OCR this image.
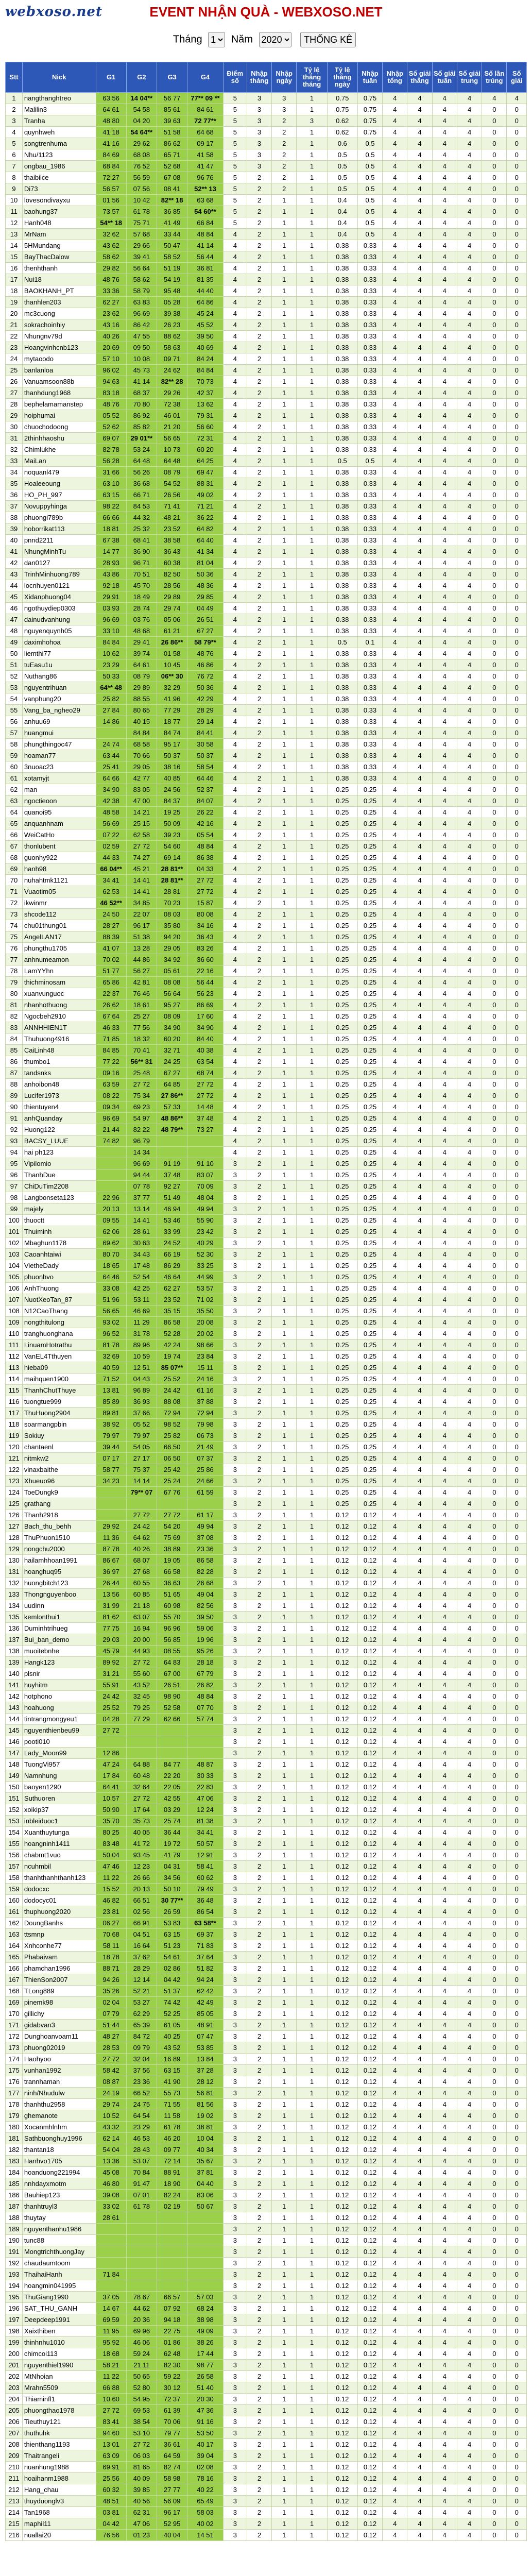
webxoso.net	EVENT NHẬN QUÀ - WEBXOSO.NET
Tháng
1	Năm
2020	THỐNG KÊ
Stt	Nick	G1	G2	G3	G4	Điểm số	Nhập tháng	Nhập ngày	Tỷ lệ thắng tháng	Tỷ lệ thắng ngày	Nhập tuần	Nhập tổng	Số giải thắng	Số giải tuần	Số giải trung	Số lần trúng	Số giải
1	nangthanghtreo	63 56	14 04**	56 77	77** 09 **	5	3	3	1	0.75	0.75	4	4	4	4	4	4
2	Malilin3	64 61	54 58	85 61	84 61	5	3	3	1	0.75	0.75	4	4	4	4	0	0
3	Tranha	48 80	04 20	39 63	72 77**	5	3	2	3	0.62	0.75	4	4	4	4	0	0
4	quynhweh	41 18	54 64**	51 58	64 68	5	3	2	1	0.62	0.75	4	4	4	4	0	0
5	songtrenhuma	41 16	29 62	86 62	09 17	5	3	2	1	0.6	0.5	4	4	4	4	0	0
6	Nhu/1123	84 69	68 08	65 71	41 58	5	3	2	1	0.5	0.5	4	4	4	4	0	0
7	ongbau_1986	68 84	76 52	52 68	41 47	5	3	2	1	0.5	0.5	4	4	4	4	0	0
8	thaibilce	72 27	56 59	67 08	96 76	5	2	2	1	0.5	0.5	4	4	4	4	0	0
9	Di73	56 57	07 56	08 41	52** 13	5	2	2	1	0.5	0.5	4	4	4	4	0	0
10	lovesondivayxu	01 56	10 42	82** 18	63 68	5	2	1	1	0.4	0.5	4	4	4	4	0	0
11	baohung37	73 57	61 78	36 85	54 60**	5	2	1	1	0.4	0.5	4	4	4	4	0	0
12	Hanh048	54** 18	75 71	41 49	66 84	5	2	1	1	0.4	0.5	4	4	4	4	0	0
13	MrNam	32 62	57 68	33 44	48 84	4	2	1	1	0.4	0.5	4	4	4	4	0	0
14	5HMundang	43 62	29 66	50 47	41 14	4	2	1	1	0.38	0.33	4	4	4	4	0	0
15	BayThacDalow	58 62	39 41	58 52	56 44	4	2	1	1	0.38	0.33	4	4	4	4	0	0
16	thenhthanh	29 82	56 64	51 19	36 81	4	2	1	1	0.38	0.33	4	4	4	4	0	0
17	Nui18	48 76	58 62	54 19	81 35	4	2	1	1	0.38	0.33	4	4	4	4	0	0
18	BAOKHANH_PT	33 36	58 79	95 48	44 40	4	2	1	1	0.38	0.33	4	4	4	4	0	0
19	thanhlen203	62 27	63 83	05 28	64 86	4	2	1	1	0.38	0.33	4	4	4	4	0	0
20	mc3cuong	23 62	96 69	39 38	45 24	4	2	1	1	0.38	0.33	4	4	4	4	0	0
21	sokrachoinhiy	43 16	86 42	26 23	45 52	4	2	1	1	0.38	0.33	4	4	4	4	0	0
22	Nhungnv79d	40 26	47 55	88 62	39 50	4	2	1	1	0.38	0.33	4	4	4	4	0	0
23	Hoangvinhcnb123	20 69	09 50	58 63	40 69	4	2	1	1	0.38	0.33	4	4	4	4	0	0
24	mytaoodo	57 10	10 08	09 71	84 24	4	2	1	1	0.38	0.33	4	4	4	4	0	0
25	banlanloa	96 02	45 73	24 62	84 84	4	2	1	1	0.38	0.33	4	4	4	4	0	0
26	Vanuamsoon88b	94 63	41 14	82** 28	70 73	4	2	1	1	0.38	0.33	4	4	4	4	0	0
27	thanhdung1968	83 18	68 37	29 26	42 37	4	2	1	1	0.38	0.33	4	4	4	4	0	0
28	bephelamamanstep	48 76	70 80	72 38	13 62	4	2	1	1	0.38	0.33	4	4	4	4	0	0
29	hoiphumai	05 52	86 92	46 01	79 31	4	2	1	1	0.38	0.33	4	4	4	4	0	0
30	chuochodoong	52 62	85 82	21 20	56 60	4	2	1	1	0.38	0.33	4	4	4	4	0	0
31	2thinhhaoshu	69 07	29 01**	56 65	72 31	4	2	1	1	0.38	0.33	4	4	4	4	0	0
32	Chimlukhe	82 78	53 24	10 73	60 20	4	2	1	1	0.38	0.33	4	4	4	4	0	0
33	MaiLan	56 28	64 48	64 48	64 25	4	2	1	1	0.5	0.5	4	4	4	4	0	0
34	noquanl479	31 66	56 26	08 79	69 47	4	2	1	1	0.38	0.33	4	4	4	4	0	0
35	Hoaleeoung	63 10	36 68	54 52	88 31	4	2	1	1	0.38	0.33	4	4	4	4	0	0
36	HO_PH_997	63 15	66 71	26 56	49 02	4	2	1	1	0.38	0.33	4	4	4	4	0	0
37	Novuppyhinga	98 22	84 53	71 41	71 21	4	2	1	1	0.38	0.33	4	4	4	4	0	0
38	phuongi789b	66 66	44 32	48 21	36 22	4	2	1	1	0.38	0.33	4	4	4	4	0	0
39	hoborrikat113	18 81	25 32	23 52	64 82	4	2	1	1	0.38	0.33	4	4	4	4	0	0
40	pnnd2211	67 38	68 41	38 58	64 40	4	2	1	1	0.38	0.33	4	4	4	4	0	0
41	NhungMinhTu	14 77	36 90	36 43	41 34	4	2	1	1	0.38	0.33	4	4	4	4	0	0
42	dan0127	28 93	96 71	60 38	81 04	4	2	1	1	0.38	0.33	4	4	4	4	0	0
43	TrinhMinhuong789	43 86	70 51	82 50	50 36	4	2	1	1	0.38	0.33	4	4	4	4	0	0
44	locnhuyen0121	92 18	45 70	28 56	48 36	4	2	1	1	0.38	0.33	4	4	4	4	0	0
45	Xidanphuong04	29 91	18 49	29 89	29 85	4	2	1	1	0.38	0.33	4	4	4	4	0	0
46	ngothuydiep0303	03 93	28 74	29 74	04 49	4	2	1	1	0.38	0.33	4	4	4	4	0	0
47	dainudvanhung	96 69	03 76	05 06	26 51	4	2	1	1	0.38	0.33	4	4	4	4	0	0
48	nguyenquynh05	33 10	48 68	61 21	67 27	4	2	1	1	0.38	0.33	4	4	4	4	0	0
49	daximhohoa	84 84	29 41	26 86**	58 79**	4	2	1	1	0.5	0.1	4	4	4	4	0	0
50	liemthi77	10 62	39 74	01 58	48 76	4	2	1	1	0.38	0.33	4	4	4	4	0	0
51	tuEasu1u	23 29	64 61	10 45	46 86	4	2	1	1	0.38	0.33	4	4	4	4	0	0
52	Nuthang86	50 33	08 79	06** 30	76 72	4	2	1	1	0.38	0.33	4	4	4	4	0	0
53	nguyentrihuan	64** 48	29 89	32 29	50 36	4	2	1	1	0.38	0.33	4	4	4	4	0	0
54	vanphung20	25 82	88 55	41 96	42 29	4	2	1	1	0.38	0.33	4	4	4	4	0	0
55	Vang_ba_ngheo29	27 84	80 65	77 29	28 29	4	2	1	1	0.38	0.33	4	4	4	4	0	0
56	anhuu69	14 86	40 15	18 77	29 14	4	2	1	1	0.38	0.33	4	4	4	4	0	0
57	huangmui		84 84	84 74	84 41	4	2	1	1	0.38	0.33	4	4	4	4	0	0
58	phungthingoc47	24 74	68 58	95 17	30 58	4	2	1	1	0.38	0.33	4	4	4	4	0	0
59	hoaman77	63 44	70 66	50 37	50 37	4	2	1	1	0.38	0.33	4	4	4	4	0	0
60	3nuoac23	25 41	29 05	38 16	58 54	4	2	1	1	0.38	0.33	4	4	4	4	0	0
61	xotamyjt	64 66	42 77	40 85	64 46	4	2	1	1	0.38	0.33	4	4	4	4	0	0
62	man	34 90	83 05	24 56	52 37	4	2	1	1	0.25	0.25	4	4	4	4	0	0
63	ngoctieoon	42 38	47 00	84 37	84 07	4	2	1	1	0.25	0.25	4	4	4	4	0	0
64	quanoi95	48 58	14 21	19 25	26 22	4	2	1	1	0.25	0.25	4	4	4	4	0	0
65	anquanhnam	56 69	25 15	50 09	42 16	4	2	1	1	0.25	0.25	4	4	4	4	0	0
66	WeiCatHo	07 22	62 58	39 23	05 54	4	2	1	1	0.25	0.25	4	4	4	4	0	0
67	thonlubent	02 59	27 72	54 60	48 84	4	2	1	1	0.25	0.25	4	4	4	4	0	0
68	guonhy922	44 33	74 27	69 14	86 38	4	2	1	1	0.25	0.25	4	4	4	4	0	0
69	hanh98	66 04**	45 21	28 81**	04 33	4	2	1	1	0.25	0.25	4	4	4	4	0	0
70	nuhahtmk1121	34 41	14 41	28 81**	27 72	4	2	1	1	0.25	0.25	4	4	4	4	0	0
71	Vuaotim05	62 53	14 41	28 81	27 72	4	2	1	1	0.25	0.25	4	4	4	4	0	0
72	ikwinmr	46 52**	34 85	70 23	15 87	4	2	1	1	0.25	0.25	4	4	4	4	0	0
73	shcode112	24 50	22 07	08 03	80 08	4	2	1	1	0.25	0.25	4	4	4	4	0	0
74	chu01thung01	28 27	96 17	35 80	34 16	4	2	1	1	0.25	0.25	4	4	4	4	0	0
75	AngelLAN17	88 39	51 38	94 20	36 43	4	2	1	1	0.25	0.25	4	4	4	4	0	0
76	phungthu1705	41 07	13 28	29 05	83 26	4	2	1	1	0.25	0.25	4	4	4	4	0	0
77	anhnumeamon	70 02	44 86	34 92	36 60	4	2	1	1	0.25	0.25	4	4	4	4	0	0
78	LamYYhn	51 77	56 27	05 61	22 16	4	2	1	1	0.25	0.25	4	4	4	4	0	0
79	thichminosam	65 86	42 81	08 08	56 44	4	2	1	1	0.25	0.25	4	4	4	4	0	0
80	xuanvunguoc	22 37	76 46	56 64	56 23	4	2	1	1	0.25	0.25	4	4	4	4	0	0
81	nhanhothuong	26 62	18 61	95 27	86 69	4	2	1	1	0.25	0.25	4	4	4	4	0	0
82	Ngocbeh2910	67 64	25 27	08 09	17 60	4	2	1	1	0.25	0.25	4	4	4	4	0	0
83	ANNHHIEN1T	46 33	77 56	34 90	34 90	4	2	1	1	0.25	0.25	4	4	4	4	0	0
84	Thuhuong4916	71 85	18 32	60 20	84 40	4	2	1	1	0.25	0.25	4	4	4	4	0	0
85	CaiLinh48	84 85	70 41	32 71	40 38	4	2	1	1	0.25	0.25	4	4	4	4	0	0
86	thumbo1	77 22	56** 31	24 25	63 54	4	2	1	1	0.25	0.25	4	4	4	4	0	0
87	tandsnks	09 16	25 48	67 27	68 74	4	2	1	1	0.25	0.25	4	4	4	4	0	0
88	anhoibon48	63 59	27 72	64 85	27 72	4	2	1	1	0.25	0.25	4	4	4	4	0	0
89	Lucifer1973	08 22	75 34	27 86**	27 72	4	2	1	1	0.25	0.25	4	4	4	4	0	0
90	thientuyen4	09 34	69 23	57 33	14 48	4	2	1	1	0.25	0.25	4	4	4	4	0	0
91	anhQuanday	96 69	54 97	48 86**	37 48	4	2	1	1	0.25	0.25	4	4	4	4	0	0
92	Huong122	21 44	82 22	48 79**	73 27	4	2	1	1	0.25	0.25	4	4	4	4	0	0
93	BACSY_LUUE	74 82	96 79			4	2	1	1	0.25	0.25	4	4	4	4	0	0
94	hai ph123		14 34			4	2	1	1	0.25	0.25	4	4	4	4	0	0
95	Vipilomio		96 69	91 19	91 10	3	2	1	1	0.25	0.25	4	4	4	4	0	0
96	ThanhDue		94 44	37 48	83 07	3	2	1	1	0.25	0.25	4	4	4	4	0	0
97	ChiDuTim2208		07 78	92 27	70 09	3	2	1	1	0.25	0.25	4	4	4	4	0	0
98	Langbonseta123	22 96	37 77	51 49	48 04	3	2	1	1	0.25	0.25	4	4	4	4	0	0
99	majely	20 13	13 14	46 94	49 94	3	2	1	1	0.25	0.25	4	4	4	4	0	0
100	thuoctt	09 55	14 41	53 46	55 90	3	2	1	1	0.25	0.25	4	4	4	4	0	0
101	Thuiminh	62 06	28 61	33 99	23 42	3	2	1	1	0.25	0.25	4	4	4	4	0	0
102	Mbaghun1178	69 62	30 63	24 52	40 29	3	2	1	1	0.25	0.25	4	4	4	4	0	0
103	Caoanhtaiwi	80 70	34 43	66 19	52 30	3	2	1	1	0.25	0.25	4	4	4	4	0	0
104	VietheDady	18 65	17 48	86 29	33 25	3	2	1	1	0.25	0.25	4	4	4	4	0	0
105	phuonhvo	64 46	52 54	46 64	44 99	3	2	1	1	0.25	0.25	4	4	4	4	0	0
106	AnhThuong	33 08	42 25	62 27	53 57	3	2	1	1	0.25	0.25	4	4	4	4	0	0
107	NuotXeoTan_87	51 96	53 11	23 52	71 02	3	2	1	1	0.25	0.25	4	4	4	4	0	0
108	N12CaoThang	56 65	46 69	35 15	35 50	3	2	1	1	0.25	0.25	4	4	4	4	0	0
109	nongthitulong	93 02	11 29	86 58	20 08	3	2	1	1	0.25	0.25	4	4	4	4	0	0
110	tranghuonghana	96 52	31 78	52 28	20 02	3	2	1	1	0.25	0.25	4	4	4	4	0	0
111	LinuamHotrathu	81 78	89 96	42 24	98 66	3	2	1	1	0.25	0.25	4	4	4	4	0	0
112	VanEL4Tthuyen	32 69	10 59	19 74	23 84	3	2	1	1	0.25	0.25	4	4	4	4	0	0
113	hieba09	40 59	12 51	85 07**	15 11	3	2	1	1	0.25	0.25	4	4	4	4	0	0
114	maihquen1900	71 52	04 43	25 52	24 16	3	2	1	1	0.25	0.25	4	4	4	4	0	0
115	ThanhChutThuye	13 81	96 89	24 42	61 16	3	2	1	1	0.25	0.25	4	4	4	4	0	0
116	tuongtue999	85 89	36 93	88 08	37 88	3	2	1	1	0.25	0.25	4	4	4	4	0	0
117	ThuHuong2904	89 81	37 66	72 94	72 94	3	2	1	1	0.25	0.25	4	4	4	4	0	0
118	soarmangpbin	38 92	05 52	98 52	79 98	3	2	1	1	0.25	0.25	4	4	4	4	0	0
119	Sokiuy	79 97	79 97	25 82	06 73	3	2	1	1	0.25	0.25	4	4	4	4	0	0
120	chantaenl	39 44	54 05	66 50	21 49	3	2	1	1	0.25	0.25	4	4	4	4	0	0
121	nitmkw2	07 17	27 17	06 50	07 37	3	2	1	1	0.25	0.25	4	4	4	4	0	0
122	vinaxbaithe	58 77	75 37	25 42	25 86	3	2	1	1	0.25	0.25	4	4	4	4	0	0
123	Xhueuo96	34 23	14 14	25 24	24 66	3	2	1	1	0.25	0.25	4	4	4	4	0	0
124	ToeDungk9		79** 07	67 76	61 59	3	2	1	1	0.25	0.25	4	4	4	4	0	0
125	grathang					3	2	1	1	0.25	0.25	4	4	4	4	0	0
126	Thanh2918		27 72	27 72	61 17	3	2	1	1	0.12	0.12	4	4	4	4	0	0
127	Bach_thu_behh	29 92	24 42	54 20	49 94	3	2	1	1	0.12	0.12	4	4	4	4	0	0
128	ThuPhuon1510	11 36	64 62	75 69	37 08	3	2	1	1	0.12	0.12	4	4	4	4	0	0
129	nongchu2000	87 78	40 26	38 89	23 36	3	2	1	1	0.12	0.12	4	4	4	4	0	0
130	hailamhhoan1991	86 67	68 07	19 05	86 58	3	2	1	1	0.12	0.12	4	4	4	4	0	0
131	hoanghuq95	36 97	27 68	66 58	82 28	3	2	1	1	0.12	0.12	4	4	4	4	0	0
132	huongbitch123	26 44	60 55	36 63	26 68	3	2	1	1	0.12	0.12	4	4	4	4	0	0
133	Thongnguyenboo	13 56	60 85	51 65	49 04	3	2	1	1	0.12	0.12	4	4	4	4	0	0
134	uudinn	31 99	21 18	60 98	82 56	3	2	1	1	0.12	0.12	4	4	4	4	0	0
135	kemlonthui1	81 62	63 07	55 70	39 50	3	2	1	1	0.12	0.12	4	4	4	4	0	0
136	Duminhtrihueg	77 75	16 94	96 96	59 06	3	2	1	1	0.12	0.12	4	4	4	4	0	0
137	Bui_ban_demo	29 03	20 00	56 85	19 96	3	2	1	1	0.12	0.12	4	4	4	4	0	0
138	muoitebnhe	45 79	44 93	08 55	95 26	3	2	1	1	0.12	0.12	4	4	4	4	0	0
139	Hangk123	89 92	27 72	64 83	28 18	3	2	1	1	0.12	0.12	4	4	4	4	0	0
140	plsnir	31 21	55 60	67 00	67 79	3	2	1	1	0.12	0.12	4	4	4	4	0	0
141	huyhitm	55 91	43 52	26 51	26 82	3	2	1	1	0.12	0.12	4	4	4	4	0	0
142	hotphono	24 42	32 45	98 90	48 84	3	2	1	1	0.12	0.12	4	4	4	4	0	0
143	hoahuong	25 52	79 25	52 58	07 70	3	2	1	1	0.12	0.12	4	4	4	4	0	0
144	tintrangmongyeu1	04 28	77 29	62 66	57 74	3	2	1	1	0.12	0.12	4	4	4	4	0	0
145	nguyenthienbeu99	27 72				3	2	1	1	0.12	0.12	4	4	4	4	0	0
146	pooti010					3	2	1	1	0.12	0.12	4	4	4	4	0	0
147	Lady_Moon99	12 86				3	2	1	1	0.12	0.12	4	4	4	4	0	0
148	TuongVi957	47 24	64 88	84 77	48 87	3	2	1	1	0.12	0.12	4	4	4	4	0	0
149	Namnhung	17 84	60 48	22 20	30 33	3	2	1	1	0.12	0.12	4	4	4	4	0	0
150	baoyen1290	64 41	32 64	22 05	22 83	3	2	1	1	0.12	0.12	4	4	4	4	0	0
151	Suthuoren	10 57	27 72	42 55	47 06	3	2	1	1	0.12	0.12	4	4	4	4	0	0
152	xoikip37	50 90	17 64	03 29	12 24	3	2	1	1	0.12	0.12	4	4	4	4	0	0
153	inbleiduoc1	35 70	35 73	25 74	81 38	3	2	1	1	0.12	0.12	4	4	4	4	0	0
154	Xuanthuytunga	80 25	40 05	36 44	34 41	3	2	1	1	0.12	0.12	4	4	4	4	0	0
155	hoangninh1411	83 48	41 72	19 72	50 57	3	2	1	1	0.12	0.12	4	4	4	4	0	0
156	chabmt1vuo	50 04	93 45	41 79	12 91	3	2	1	1	0.12	0.12	4	4	4	4	0	0
157	ncuhmbil	47 46	12 23	04 31	58 41	3	2	1	1	0.12	0.12	4	4	4	4	0	0
158	thanhthanhthanh123	11 22	26 66	34 56	60 62	3	2	1	1	0.12	0.12	4	4	4	4	0	0
159	dodocxc	15 52	20 13	50 10	79 49	3	2	1	1	0.12	0.12	4	4	4	4	0	0
160	dodocyc01	46 82	66 51	30 77**	36 48	3	2	1	1	0.12	0.12	4	4	4	4	0	0
161	thuphuong2020	23 81	02 56	26 59	86 54	3	2	1	1	0.12	0.12	4	4	4	4	0	0
162	DoungBanhs	06 27	66 91	53 83	63 58**	3	2	1	1	0.12	0.12	4	4	4	4	0	0
163	ttsmnp	70 68	04 51	63 15	69 37	3	2	1	1	0.12	0.12	4	4	4	4	0	0
164	Xnhconhe77	58 11	16 64	51 23	71 83	3	2	1	1	0.12	0.12	4	4	4	4	0	0
165	Phabaivam	18 78	37 62	54 61	37 64	3	2	1	1	0.12	0.12	4	4	4	4	0	0
166	phamchan1996	88 71	28 29	02 86	51 82	3	2	1	1	0.12	0.12	4	4	4	4	0	0
167	ThienSon2007	94 26	12 14	04 42	94 24	3	2	1	1	0.12	0.12	4	4	4	4	0	0
168	TLong889	35 26	52 21	51 37	62 42	3	2	1	1	0.12	0.12	4	4	4	4	0	0
169	pinemk98	02 04	53 27	74 42	42 49	3	2	1	1	0.12	0.12	4	4	4	4	0	0
170	gillichy	07 79	62 29	52 25	85 05	3	2	1	1	0.12	0.12	4	4	4	4	0	0
171	gidabvan3	51 44	65 39	61 05	48 91	3	2	1	1	0.12	0.12	4	4	4	4	0	0
172	Dunghoanvoam11	48 27	84 72	40 25	07 47	3	2	1	1	0.12	0.12	4	4	4	4	0	0
173	phuong02019	28 53	09 79	43 52	53 85	3	2	1	1	0.12	0.12	4	4	4	4	0	0
174	Haohyoo	27 72	32 04	16 89	13 84	3	2	1	1	0.12	0.12	4	4	4	4	0	0
175	vunhan1992	58 42	37 56	63 15	37 28	3	2	1	1	0.12	0.12	4	4	4	4	0	0
176	trannhaman	08 87	23 36	41 90	28 12	3	2	1	1	0.12	0.12	4	4	4	4	0	0
177	ninh/Nhudulw	24 19	66 52	55 73	56 81	3	2	1	1	0.12	0.12	4	4	4	4	0	0
178	thanhthu2958	29 74	24 75	71 55	81 56	3	2	1	1	0.12	0.12	4	4	4	4	0	0
179	ghemanote	10 52	64 54	11 58	19 02	3	2	1	1	0.12	0.12	4	4	4	4	0	0
180	Xocanmhlnhm	43 32	23 29	61 78	38 81	3	2	1	1	0.12	0.12	4	4	4	4	0	0
181	Sathbuonghuy1996	62 14	46 53	46 20	10 04	3	2	1	1	0.12	0.12	4	4	4	4	0	0
182	thantan18	54 04	28 43	09 77	40 34	3	2	1	1	0.12	0.12	4	4	4	4	0	0
183	Hanhvo1705	13 36	53 07	72 14	35 67	3	2	1	1	0.12	0.12	4	4	4	4	0	0
184	hoanduong221994	45 08	70 84	88 91	37 81	3	2	1	1	0.12	0.12	4	4	4	4	0	0
185	nnhdayxmotm	46 80	91 47	18 90	04 40	3	2	1	1	0.12	0.12	4	4	4	4	0	0
186	Bauhiep123	39 08	07 01	82 24	83 06	3	2	1	1	0.12	0.12	4	4	4	4	0	0
187	thanhtruyl3	33 02	61 78	02 19	50 67	3	2	1	1	0.12	0.12	4	4	4	4	0	0
188	thuytay	28 61				3	2	1	1	0.12	0.12	4	4	4	4	0	0
189	nguyenthanhu1986					3	2	1	1	0.12	0.12	4	4	4	4	0	0
190	tunc88					3	2	1	1	0.12	0.12	4	4	4	4	0	0
191	MongtrichthuongJay					3	2	1	1	0.12	0.12	4	4	4	4	0	0
192	chaudaumtoom					3	2	1	1	0.12	0.12	4	4	4	4	0	0
193	ThaihaiHanh	71 84				3	2	1	1	0.12	0.12	4	4	4	4	0	0
194	hoangmin041995					3	2	1	1	0.12	0.12	4	4	4	4	0	0
195	ThuGiang1990	37 05	78 67	66 57	57 03	3	2	1	1	0.12	0.12	4	4	4	4	0	0
196	SAT_THU_GANH	14 67	44 62	07 92	68 24	3	2	1	1	0.12	0.12	4	4	4	4	0	0
197	Deepdeep1991	69 59	20 36	94 18	38 98	3	2	1	1	0.12	0.12	4	4	4	4	0	0
198	Xaixthiben	11 95	69 96	22 75	49 09	3	2	1	1	0.12	0.12	4	4	4	4	0	0
199	thinhnhu1010	95 92	46 06	01 86	38 26	3	2	1	1	0.12	0.12	4	4	4	4	0	0
200	chimcoi113	18 68	59 24	62 48	17 44	3	2	1	1	0.12	0.12	4	4	4	4	0	0
201	nguyenthiel1990	58 21	21 11	82 30	98 77	3	2	1	1	0.12	0.12	4	4	4	4	0	0
202	MtNhoian	11 22	50 65	59 22	26 58	3	2	1	1	0.12	0.12	4	4	4	4	0	0
203	Mrahn5509	66 88	52 80	30 12	51 40	3	2	1	1	0.12	0.12	4	4	4	4	0	0
204	Thiaminfl1	10 60	54 95	72 37	20 30	3	2	1	1	0.12	0.12	4	4	4	4	0	0
205	phuongthao1978	27 72	69 53	61 39	47 36	3	2	1	1	0.12	0.12	4	4	4	4	0	0
206	Tieuthuy121	83 41	38 54	70 06	91 16	3	2	1	1	0.12	0.12	4	4	4	4	0	0
207	thuthuhk	94 60	53 10	79 77	53 50	3	2	1	1	0.12	0.12	4	4	4	4	0	0
208	thienthang1193	13 01	27 72	36 61	40 17	3	2	1	1	0.12	0.12	4	4	4	4	0	0
209	Thaitrangeli	63 09	06 03	64 59	39 04	3	2	1	1	0.12	0.12	4	4	4	4	0	0
210	nuanhung1988	69 91	81 65	82 74	02 08	3	2	1	1	0.12	0.12	4	4	4	4	0	0
211	hoaihanm1988	25 56	40 09	58 98	78 16	3	2	1	1	0.12	0.12	4	4	4	4	0	0
212	Hang_chau	60 32	39 85	27 77	40 22	3	2	1	1	0.12	0.12	4	4	4	4	0	0
213	thuyduonglv3	48 51	40 56	56 09	65 49	3	2	1	1	0.12	0.12	4	4	4	4	0	0
214	Tan1968	03 81	62 31	96 17	58 03	3	2	1	1	0.12	0.12	4	4	4	4	0	0
215	maphil11	04 42	47 06	52 95	40 02	3	2	1	1	0.12	0.12	4	4	4	4	0	0
216	nuallai20	76 56	01 23	40 04	14 51	3	2	1	1	0.12	0.12	4	4	4	4	0	0
